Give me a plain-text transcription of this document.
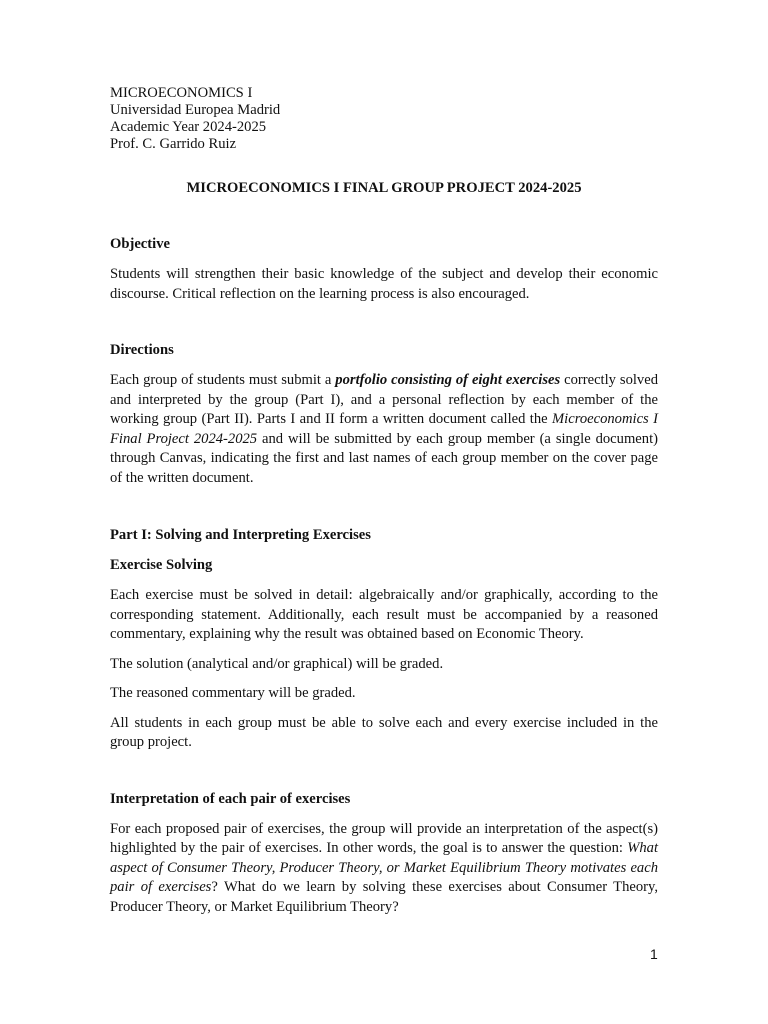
MICROECONOMICS I
Universidad Europea Madrid
Academic Year 2024-2025
Prof. C. Garrido Ruiz
MICROECONOMICS I FINAL GROUP PROJECT 2024-2025
Objective

Students will strengthen their basic knowledge of the subject and develop their economic discourse. Critical reflection on the learning process is also encouraged.

Directions

Each group of students must submit a portfolio consisting of eight exercises correctly solved and interpreted by the group (Part I), and a personal reflection by each member of the working group (Part II). Parts I and II form a written document called the Microeconomics I Final Project 2024-2025 and will be submitted by each group member (a single document) through Canvas, indicating the first and last names of each group member on the cover page of the written document.

Part I: Solving and Interpreting Exercises
Exercise Solving

Each exercise must be solved in detail: algebraically and/or graphically, according to the corresponding statement. Additionally, each result must be accompanied by a reasoned commentary, explaining why the result was obtained based on Economic Theory.

The solution (analytical and/or graphical) will be graded.

The reasoned commentary will be graded.

All students in each group must be able to solve each and every exercise included in the group project.

Interpretation of each pair of exercises

For each proposed pair of exercises, the group will provide an interpretation of the aspect(s) highlighted by the pair of exercises. In other words, the goal is to answer the question: What aspect of Consumer Theory, Producer Theory, or Market Equilibrium Theory motivates each pair of exercises? What do we learn by solving these exercises about Consumer Theory, Producer Theory, or Market Equilibrium Theory?

1
